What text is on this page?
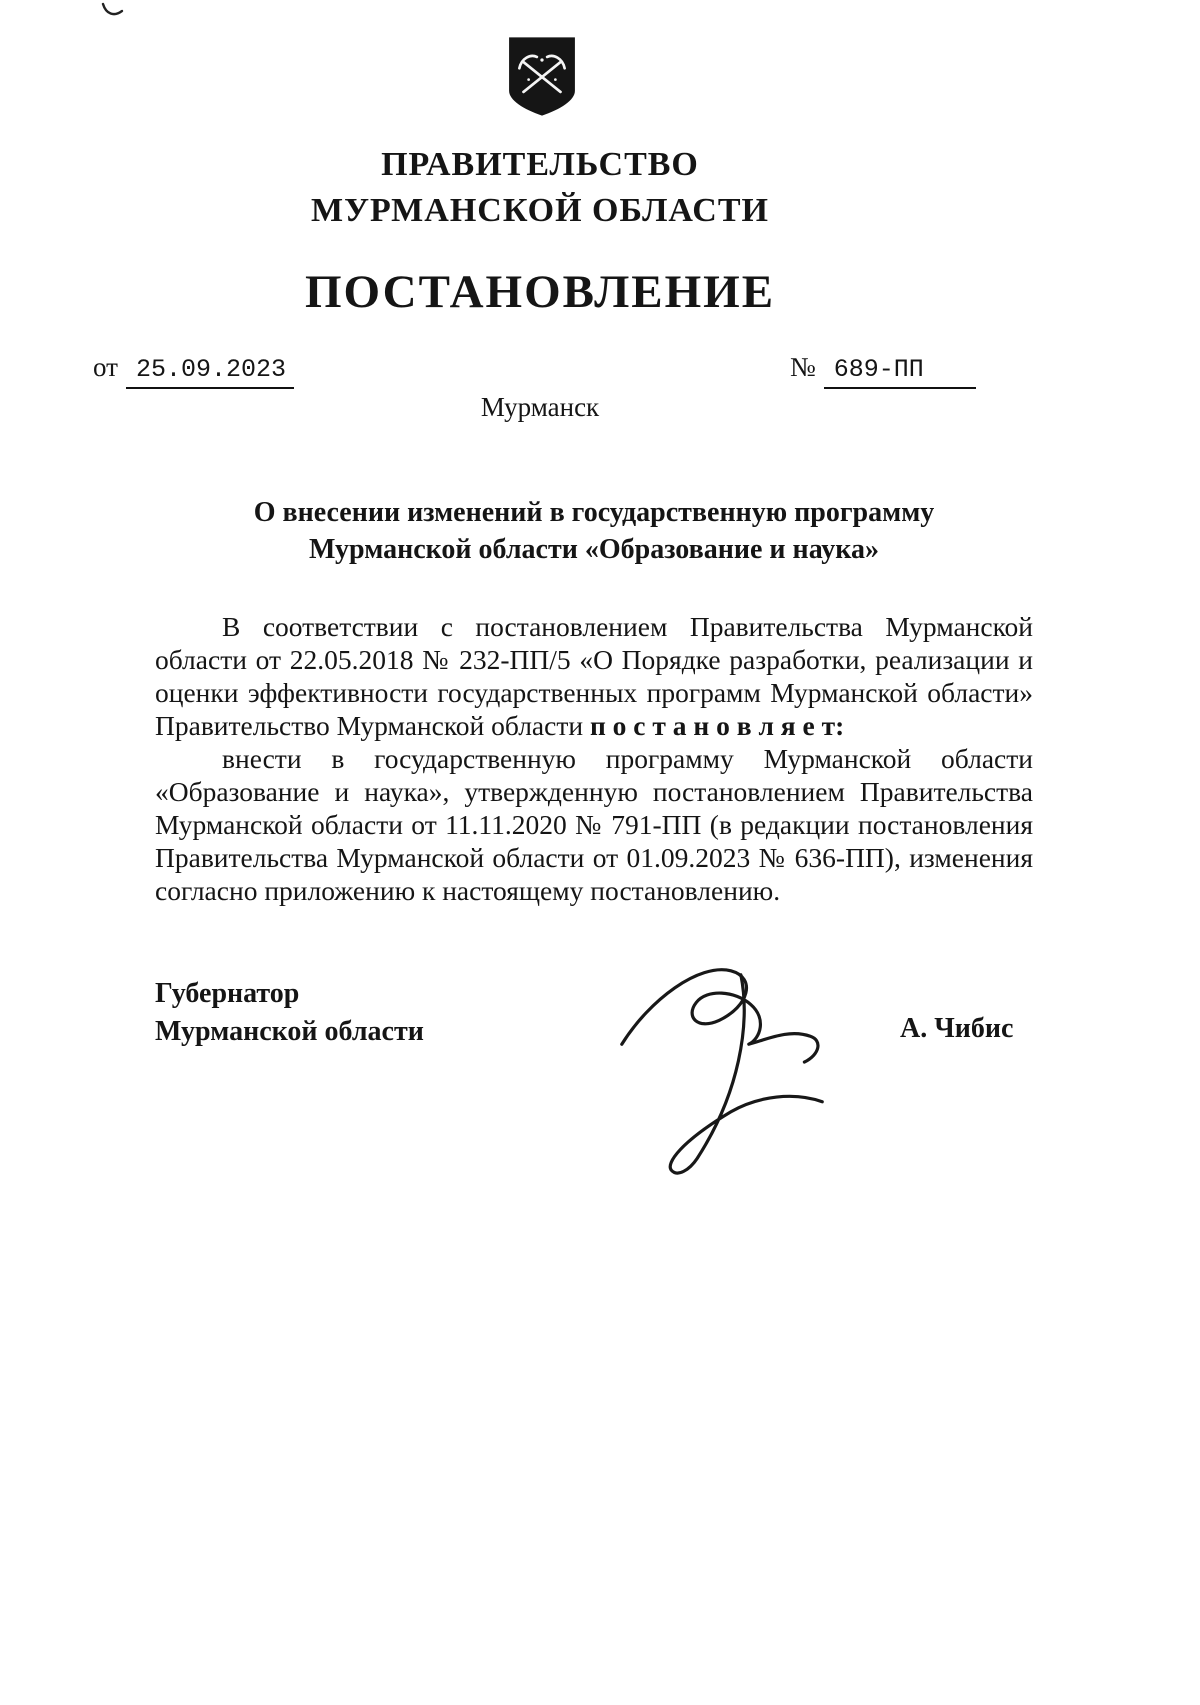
ПРАВИТЕЛЬСТВО
МУРМАНСКОЙ ОБЛАСТИ
ПОСТАНОВЛЕНИЕ
от 25.09.2023	№ 689-ПП
Мурманск
О внесении изменений в государственную программу
Мурманской области «Образование и наука»

В соответствии с постановлением Правительства Мурманской области от 22.05.2018 № 232-ПП/5 «О Порядке разработки, реализации и оценки эффективности государственных программ Мурманской области» Правительство Мурманской области п о с т а н о в л я е т:

внести в государственную программу Мурманской области «Образование и наука», утвержденную постановлением Правительства Мурманской области от 11.11.2020 № 791-ПП (в редакции постановления Правительства Мурманской области от 01.09.2023 № 636-ПП), изменения согласно приложению к настоящему постановлению.

Губернатор
Мурманской области	А. Чибис
